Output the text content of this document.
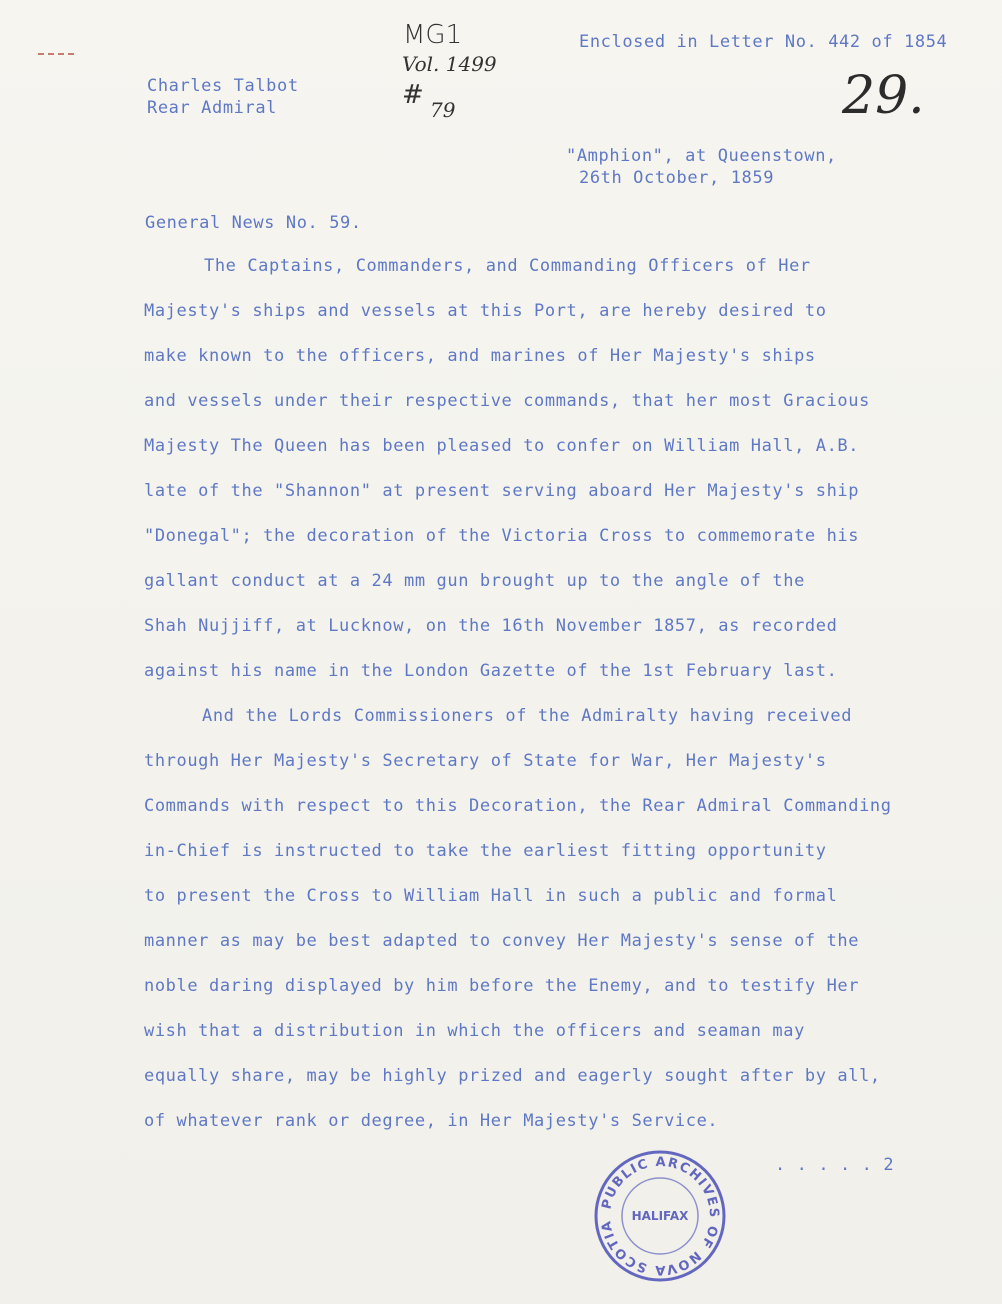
MG1
Vol. 1499
# 79	29.
Enclosed in Letter No. 442 of 1854
Charles Talbot
Rear Admiral
"Amphion", at Queenstown,
26th October, 1859
General News No. 59.
The Captains, Commanders, and Commanding Officers of Her
Majesty's ships and vessels at this Port, are hereby desired to
make known to the officers, and marines of Her Majesty's ships
and vessels under their respective commands, that her most Gracious
Majesty The Queen has been pleased to confer on William Hall, A.B.
late of the "Shannon" at present serving aboard Her Majesty's ship
"Donegal"; the decoration of the Victoria Cross to commemorate his
gallant conduct at a 24 mm gun brought up to the angle of the
Shah Nujjiff, at Lucknow, on the 16th November 1857, as recorded
against his name in the London Gazette of the 1st February last.
And the Lords Commissioners of the Admiralty having received
through Her Majesty's Secretary of State for War, Her Majesty's
Commands with respect to this Decoration, the Rear Admiral Commanding
in-Chief is instructed to take the earliest fitting opportunity
to present the Cross to William Hall in such a public and formal
manner as may be best adapted to convey Her Majesty's sense of the
noble daring displayed by him before the Enemy, and to testify Her
wish that a distribution in which the officers and seaman may
equally share, may be highly prized and eagerly sought after by all,
of whatever rank or degree, in Her Majesty's Service.
. . . . . 2
PUBLIC ARCHIVES OF NOVA SCOTIA
HALIFAX
